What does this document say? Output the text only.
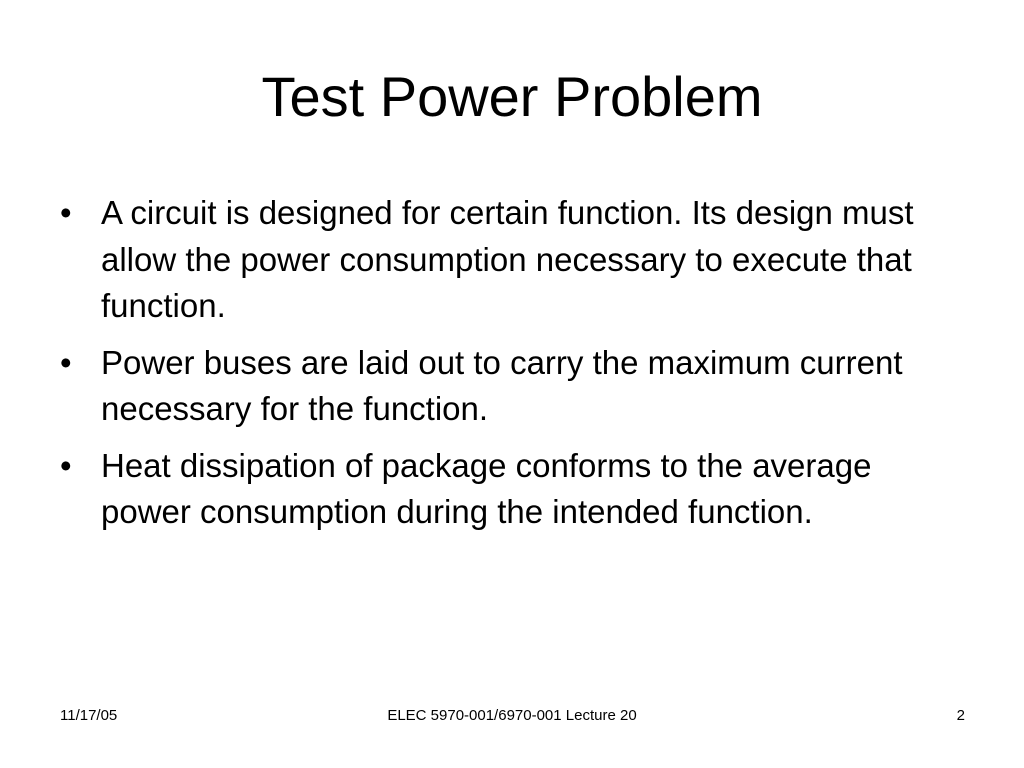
Test Power Problem
• A circuit is designed for certain function. Its design must allow the power consumption necessary to execute that function.
• Power buses are laid out to carry the maximum current necessary for the function.
• Heat dissipation of package conforms to the average power consumption during the intended function.
11/17/05	ELEC 5970-001/6970-001 Lecture 20	2
